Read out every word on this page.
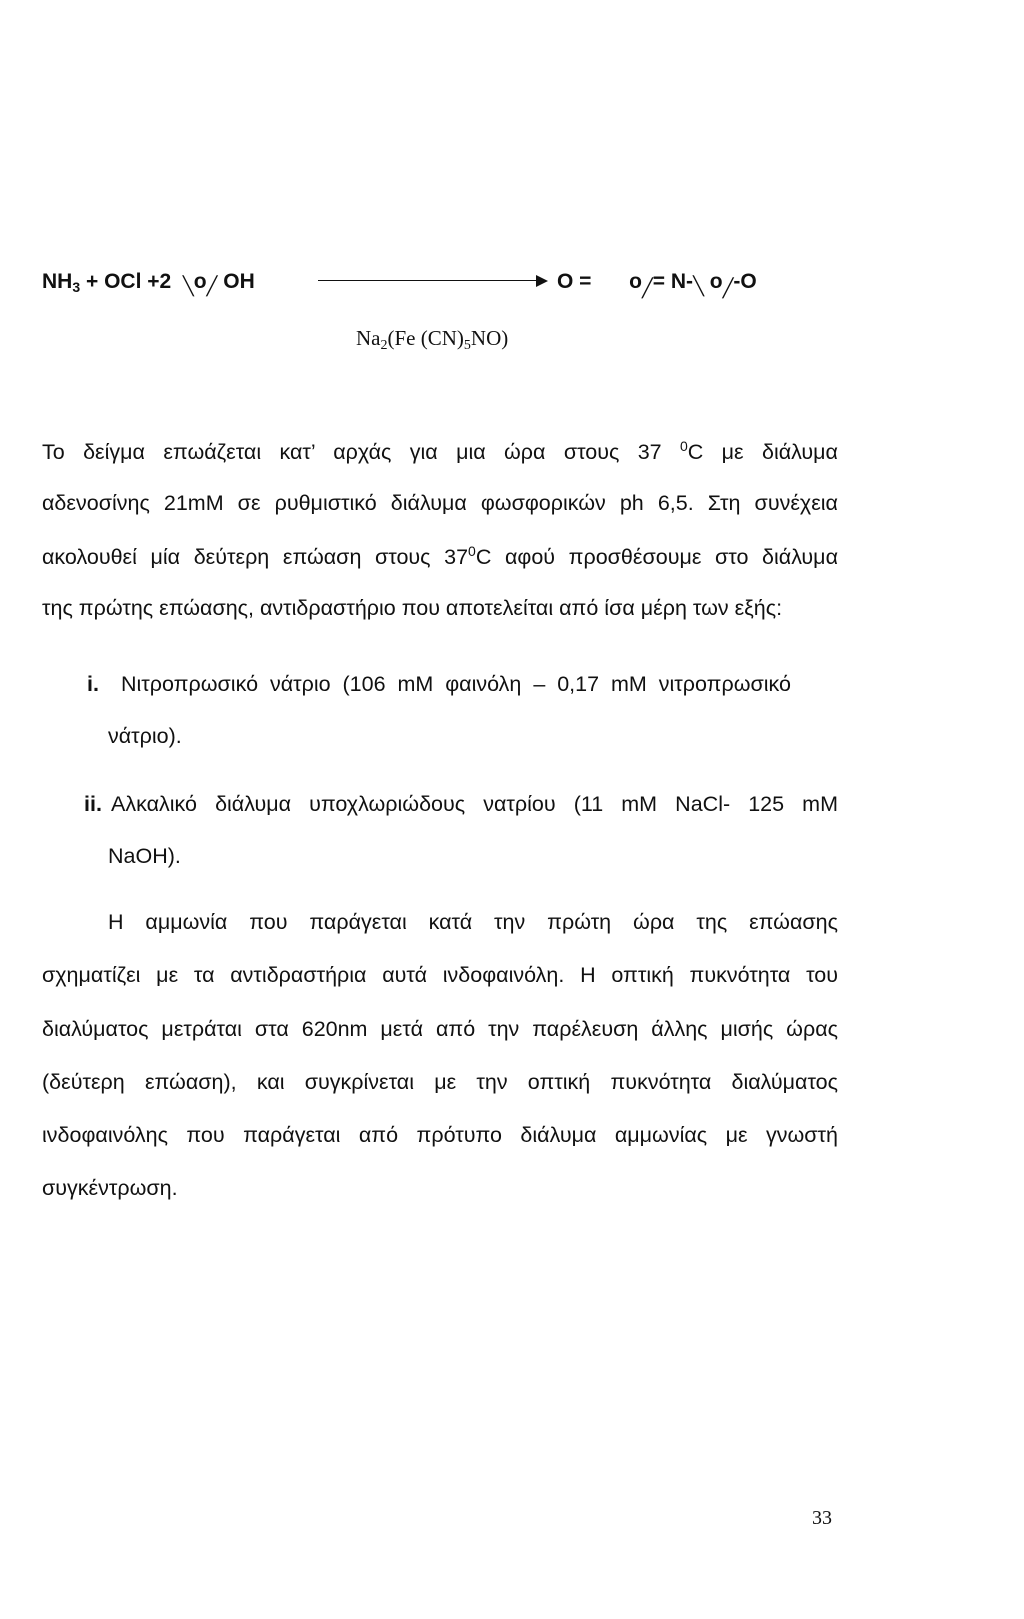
$NH_3$ + OCl +2  ╲o╱ OH	O = o╱= N-╲ o╱-O
$Na_2(Fe$ $(CN)_5NO$)
Το δείγμα επωάζεται κατ’ αρχάς για μια ώρα στους 37 $^0$C με διάλυμα
αδενοσίνης 21mM σε ρυθμιστικό διάλυμα φωσφορικών ph 6,5. Στη συνέχεια
ακολουθεί μία δεύτερη επώαση στους $37^0C$ αφού προσθέσουμε στο διάλυμα
της πρώτης επώασης, αντιδραστήριο που αποτελείται από ίσα μέρη των εξής:
i. Νιτροπρωσικό νάτριο (106 mM φαινόλη – 0,17 mM νιτροπρωσικό
νάτριο).
ii. Αλκαλικό διάλυμα υποχλωριώδους νατρίου (11 mM NaCl- 125 mM
NaOH).
Η αμμωνία που παράγεται κατά την πρώτη ώρα της επώασης
σχηματίζει με τα αντιδραστήρια αυτά ινδοφαινόλη. Η οπτική πυκνότητα του
διαλύματος μετράται στα 620nm μετά από την παρέλευση άλλης μισής ώρας
(δεύτερη επώαση), και συγκρίνεται με την οπτική πυκνότητα διαλύματος
ινδοφαινόλης που παράγεται από πρότυπο διάλυμα αμμωνίας με γνωστή
συγκέντρωση.
33
